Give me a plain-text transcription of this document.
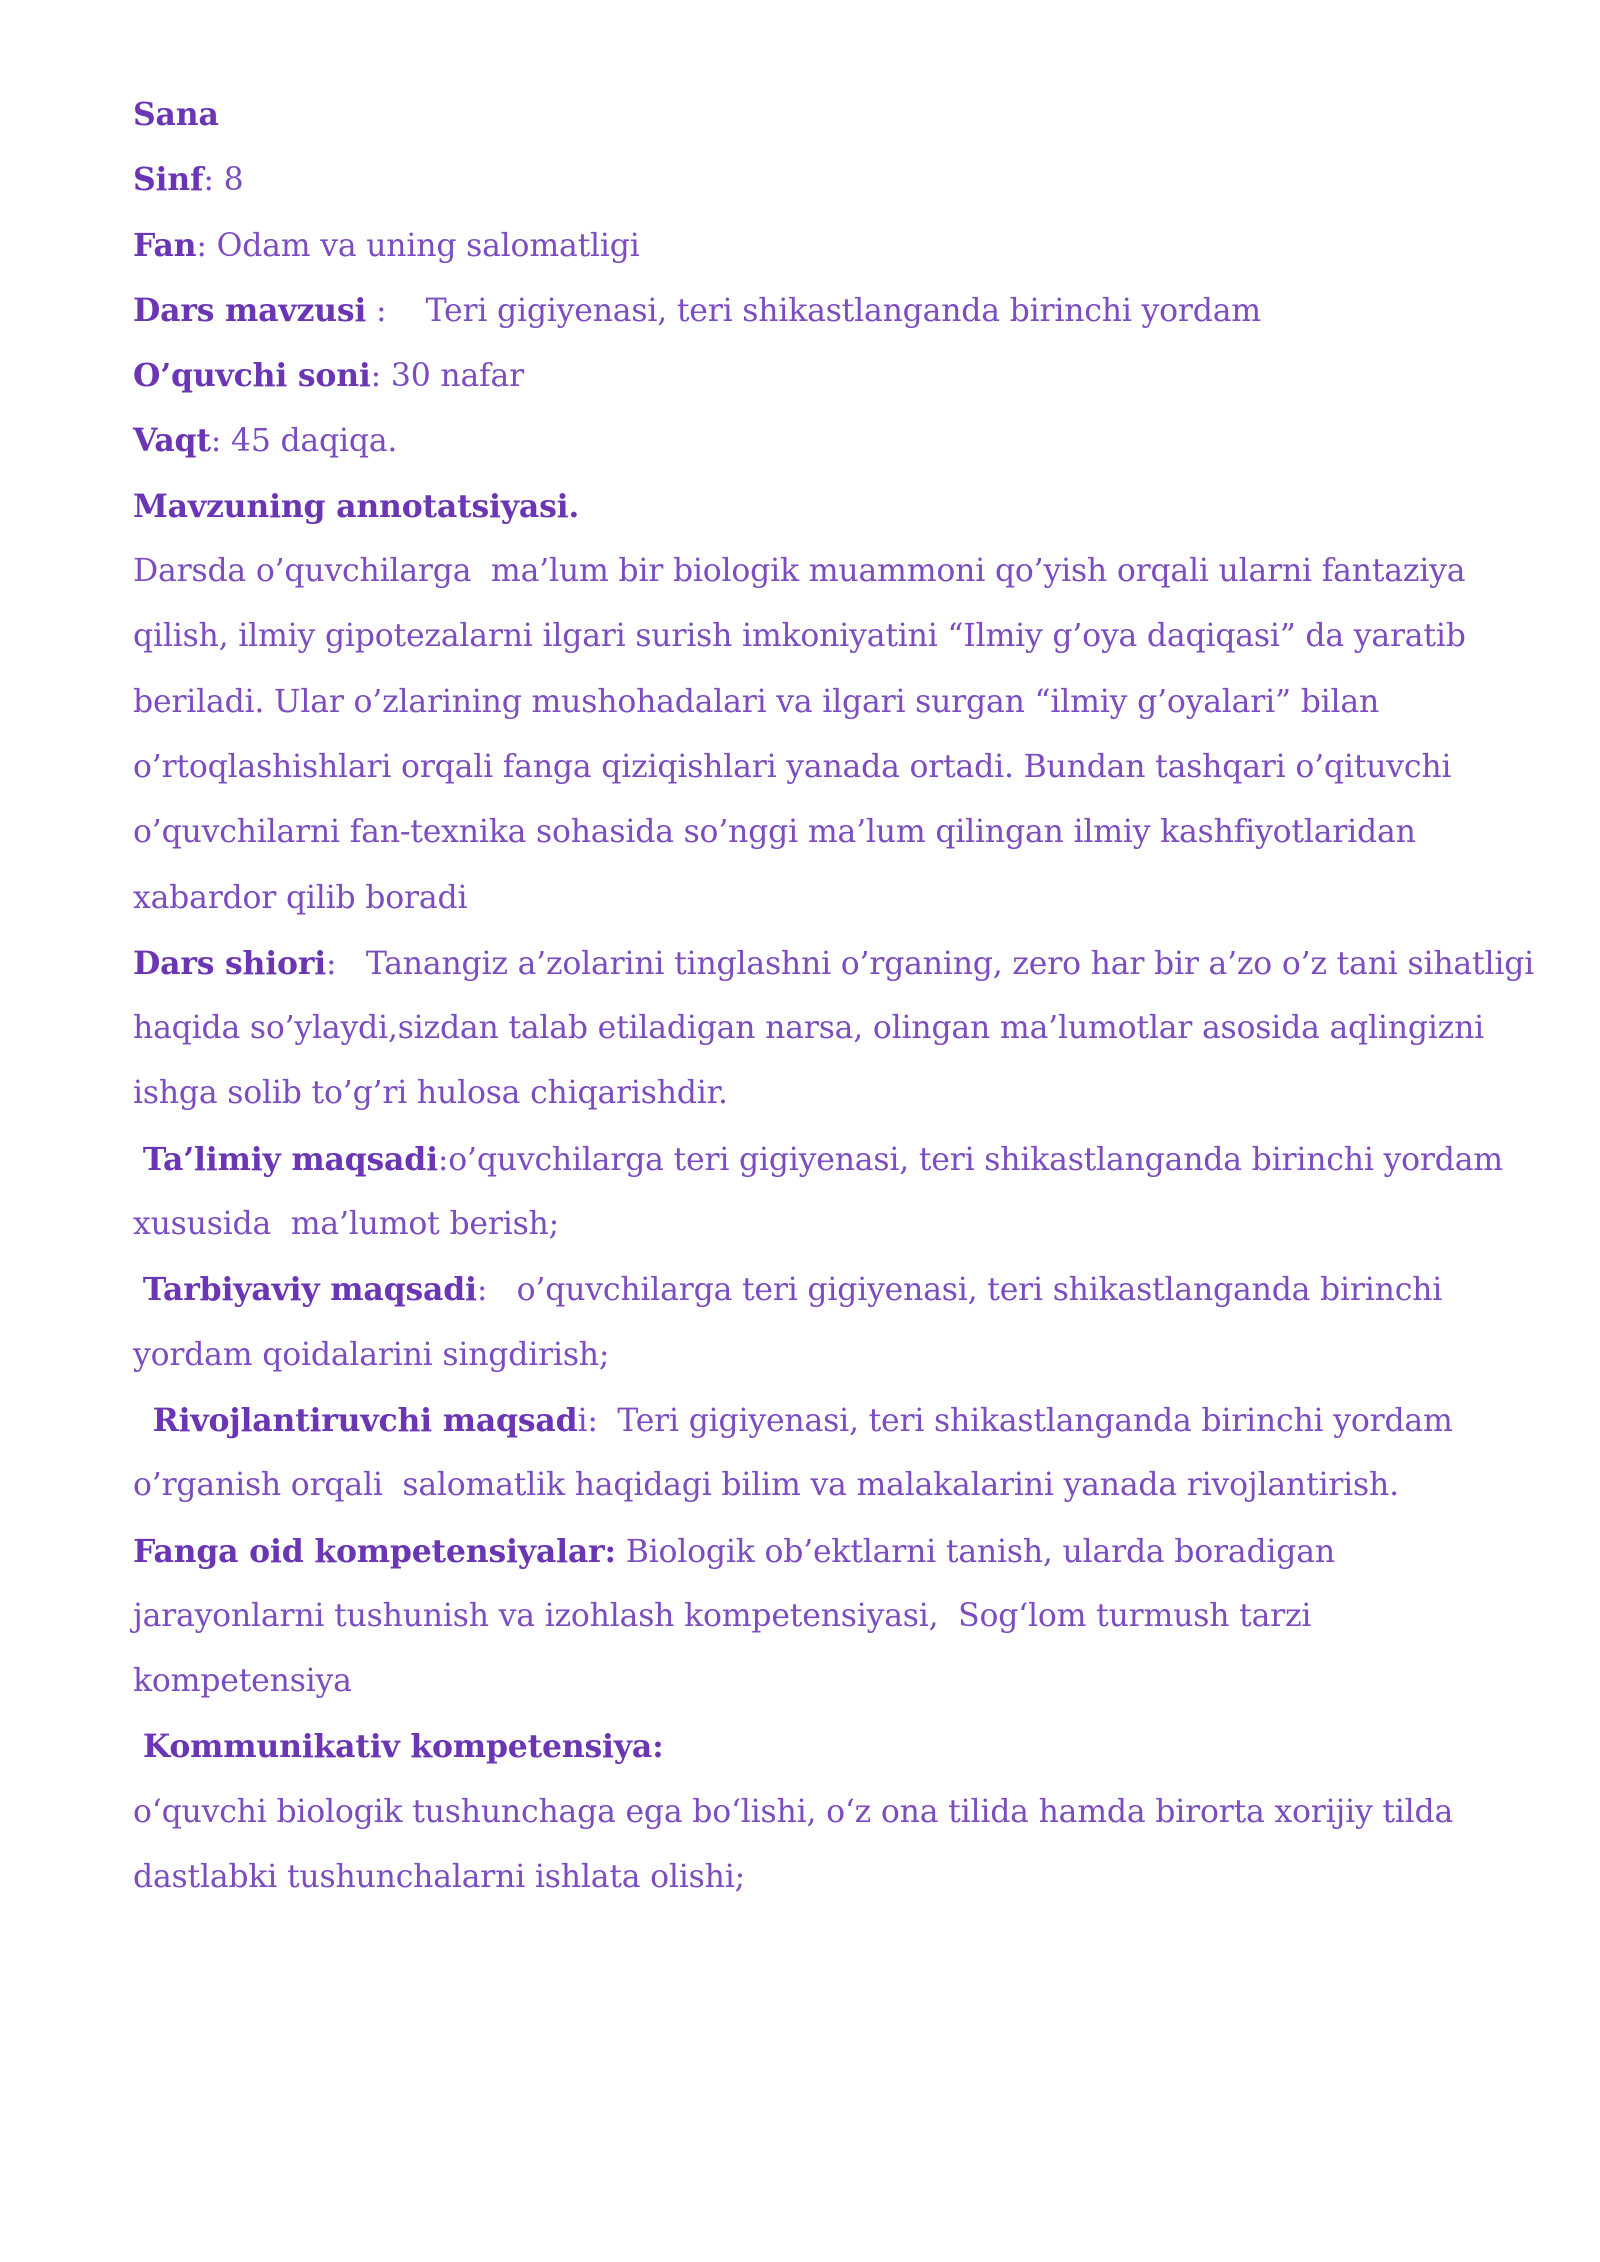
Sana
Sinf: 8
Fan: Odam va uning salomatligi
Dars mavzusi :    Teri gigiyenasi, teri shikastlanganda birinchi yordam
O’quvchi soni: 30 nafar
Vaqt: 45 daqiqa.
Mavzuning annotatsiyasi.
Darsda o’quvchilarga  ma’lum bir biologik muammoni qo’yish orqali ularni fantaziya
qilish, ilmiy gipotezalarni ilgari surish imkoniyatini “Ilmiy g’oya daqiqasi” da yaratib
beriladi. Ular o’zlarining mushohadalari va ilgari surgan “ilmiy g’oyalari” bilan
o’rtoqlashishlari orqali fanga qiziqishlari yanada ortadi. Bundan tashqari o’qituvchi
o’quvchilarni fan-texnika sohasida so’nggi ma’lum qilingan ilmiy kashfiyotlaridan
xabardor qilib boradi
Dars shiori:   Tanangiz a’zolarini tinglashni o’rganing, zero har bir a’zo o’z tani sihatligi
haqida so’ylaydi,sizdan talab etiladigan narsa, olingan ma’lumotlar asosida aqlingizni
ishga solib to’g’ri hulosa chiqarishdir.
Ta’limiy maqsadi:o’quvchilarga teri gigiyenasi, teri shikastlanganda birinchi yordam
xususida  ma’lumot berish;
Tarbiyaviy maqsadi:   o’quvchilarga teri gigiyenasi, teri shikastlanganda birinchi
yordam qoidalarini singdirish;
Rivojlantiruvchi maqsadi:  Teri gigiyenasi, teri shikastlanganda birinchi yordam
o’rganish orqali  salomatlik haqidagi bilim va malakalarini yanada rivojlantirish.
Fanga oid kompetensiyalar: Biologik ob’ektlarni tanish, ularda boradigan
jarayonlarni tushunish va izohlash kompetensiyasi,  Sog‘lom turmush tarzi
kompetensiya
Kommunikativ kompetensiya:
o‘quvchi biologik tushunchaga ega bo‘lishi, o‘z ona tilida hamda birorta xorijiy tilda
dastlabki tushunchalarni ishlata olishi;
